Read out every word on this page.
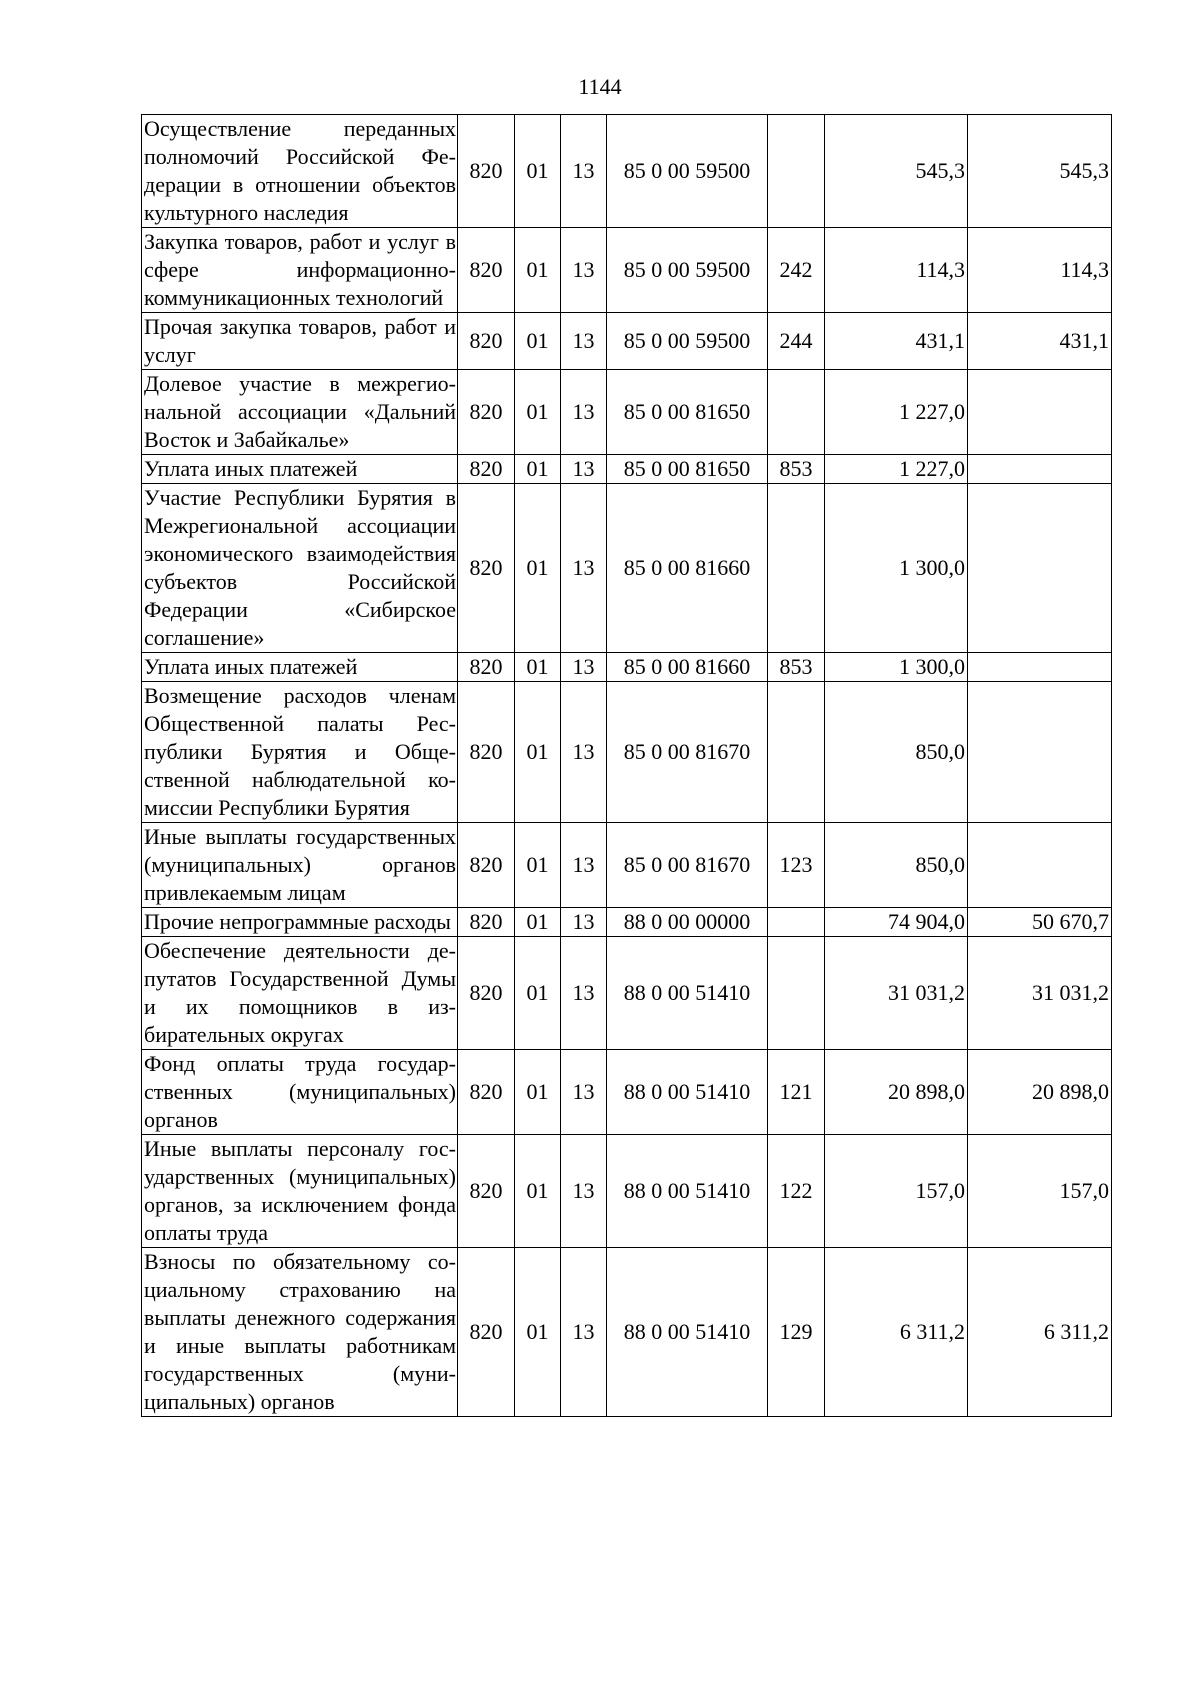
1144
Осуществление переданных полномочий Российской Федерации в отношении объектов культурного наследия	820	01	13	85 0 00 59500		545,3	545,3
Закупка товаров, работ и услуг в сфере информационно-коммуникационных технологий	820	01	13	85 0 00 59500	242	114,3	114,3
Прочая закупка товаров, работ и услуг	820	01	13	85 0 00 59500	244	431,1	431,1
Долевое участие в межрегиональной ассоциации «Дальний Восток и Забайкалье»	820	01	13	85 0 00 81650		1 227,0	
Уплата иных платежей	820	01	13	85 0 00 81650	853	1 227,0	
Участие Республики Бурятия в Межрегиональной ассоциации экономического взаимодействия субъектов Российской Федерации «Сибирское соглашение»	820	01	13	85 0 00 81660		1 300,0	
Уплата иных платежей	820	01	13	85 0 00 81660	853	1 300,0	
Возмещение расходов членам Общественной палаты Республики Бурятия и Общественной наблюдательной комиссии Республики Бурятия	820	01	13	85 0 00 81670		850,0	
Иные выплаты государственных (муниципальных) органов привлекаемым лицам	820	01	13	85 0 00 81670	123	850,0	
Прочие непрограммные расходы	820	01	13	88 0 00 00000		74 904,0	50 670,7
Обеспечение деятельности депутатов Государственной Думы и их помощников в избирательных округах	820	01	13	88 0 00 51410		31 031,2	31 031,2
Фонд оплаты труда государственных (муниципальных) органов	820	01	13	88 0 00 51410	121	20 898,0	20 898,0
Иные выплаты персоналу государственных (муниципальных) органов, за исключением фонда оплаты труда	820	01	13	88 0 00 51410	122	157,0	157,0
Взносы по обязательному социальному страхованию на выплаты денежного содержания и иные выплаты работникам государственных (муниципальных) органов	820	01	13	88 0 00 51410	129	6 311,2	6 311,2
